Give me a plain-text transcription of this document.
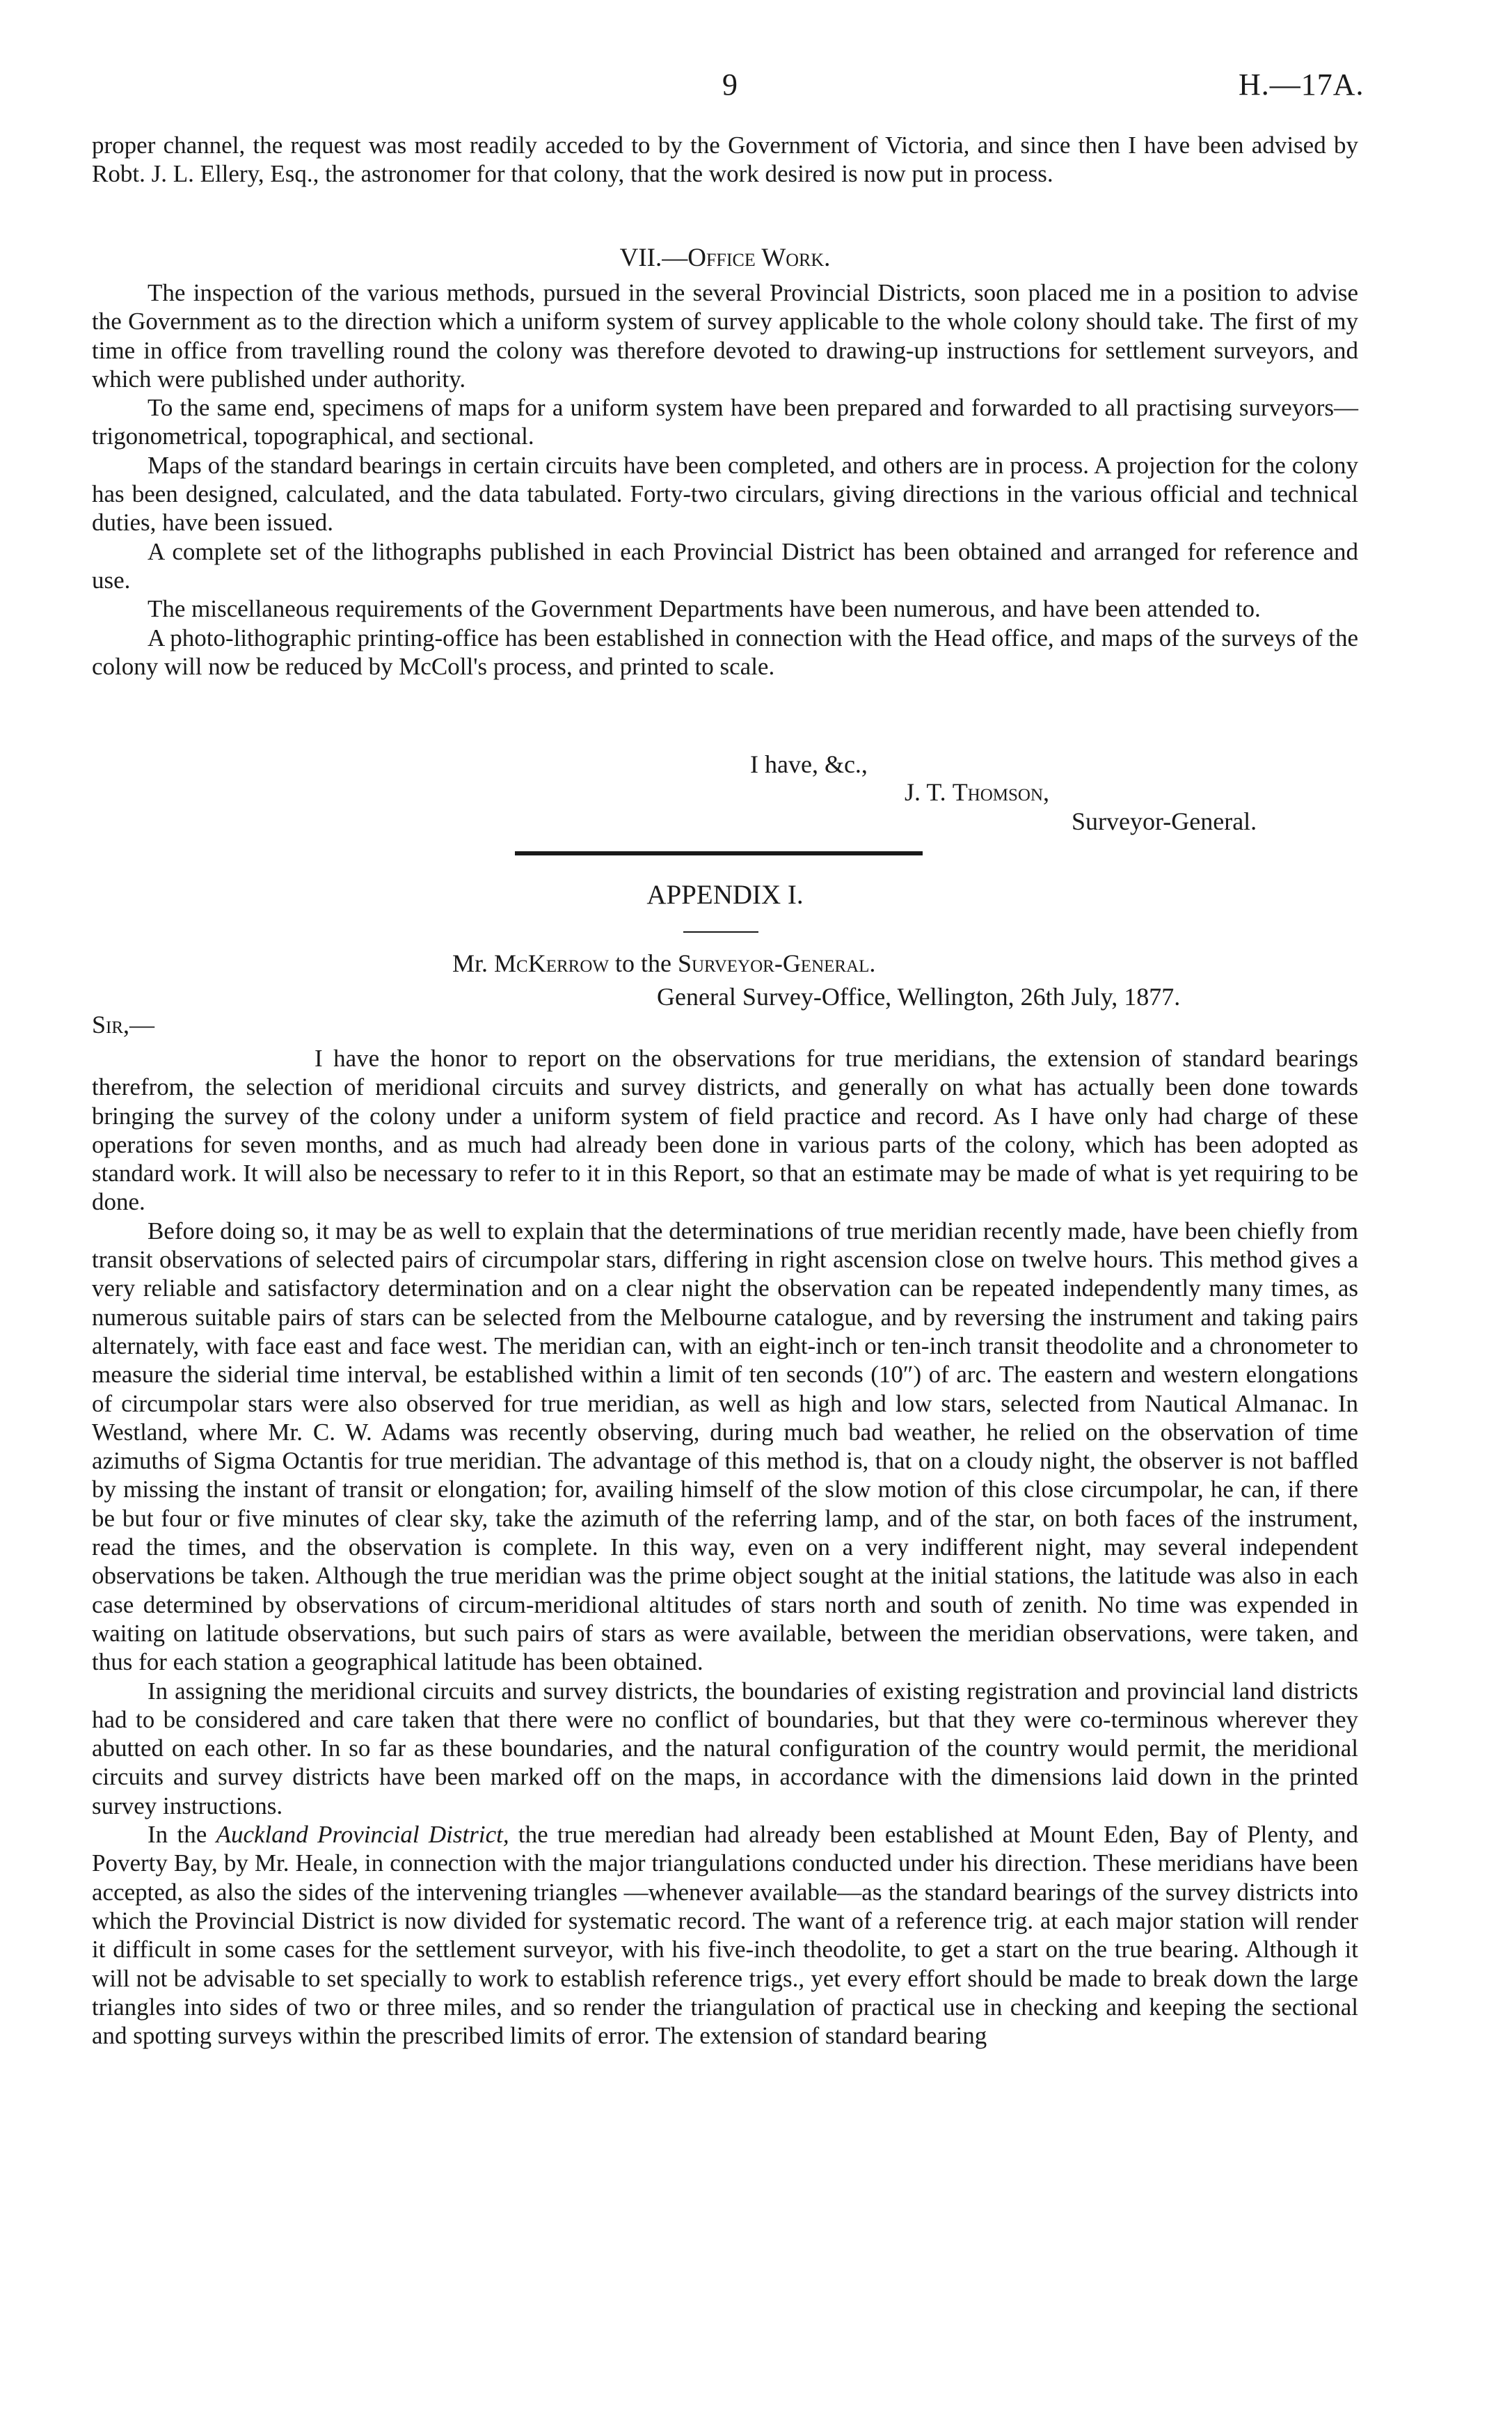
9	H.—17A.

proper channel, the request was most readily acceded to by the Government of Victoria, and since then I have been advised by Robt. J. L. Ellery, Esq., the astronomer for that colony, that the work desired is now put in process.

VII.—Office Work.

The inspection of the various methods, pursued in the several Provincial Districts, soon placed me in a position to advise the Government as to the direction which a uniform system of survey applicable to the whole colony should take. The first of my time in office from travelling round the colony was therefore devoted to drawing-up instructions for settlement surveyors, and which were published under authority.

To the same end, specimens of maps for a uniform system have been prepared and forwarded to all practising surveyors—trigonometrical, topographical, and sectional.

Maps of the standard bearings in certain circuits have been completed, and others are in process. A projection for the colony has been designed, calculated, and the data tabulated. Forty-two circulars, giving directions in the various official and technical duties, have been issued.

A complete set of the lithographs published in each Provincial District has been obtained and arranged for reference and use.

The miscellaneous requirements of the Government Departments have been numerous, and have been attended to.

A photo-lithographic printing-office has been established in connection with the Head office, and maps of the surveys of the colony will now be reduced by McColl's process, and printed to scale.

I have, &c.,
J. T. Thomson,
Surveyor-General.

APPENDIX I.

Mr. McKerrow to the Surveyor-General.
General Survey-Office, Wellington, 26th July, 1877.
Sir,—

I have the honor to report on the observations for true meridians, the extension of standard bearings therefrom, the selection of meridional circuits and survey districts, and generally on what has actually been done towards bringing the survey of the colony under a uniform system of field practice and record. As I have only had charge of these operations for seven months, and as much had already been done in various parts of the colony, which has been adopted as standard work. It will also be necessary to refer to it in this Report, so that an estimate may be made of what is yet requiring to be done.

Before doing so, it may be as well to explain that the determinations of true meridian recently made, have been chiefly from transit observations of selected pairs of circumpolar stars, differing in right ascension close on twelve hours. This method gives a very reliable and satisfactory determination and on a clear night the observation can be repeated independently many times, as numerous suitable pairs of stars can be selected from the Melbourne catalogue, and by reversing the instrument and taking pairs alternately, with face east and face west. The meridian can, with an eight-inch or ten-inch transit theodolite and a chronometer to measure the siderial time interval, be established within a limit of ten seconds (10″) of arc. The eastern and western elongations of circumpolar stars were also observed for true meridian, as well as high and low stars, selected from Nautical Almanac. In Westland, where Mr. C. W. Adams was recently observing, during much bad weather, he relied on the observation of time azimuths of Sigma Octantis for true meridian. The advantage of this method is, that on a cloudy night, the observer is not baffled by missing the instant of transit or elongation; for, availing himself of the slow motion of this close circumpolar, he can, if there be but four or five minutes of clear sky, take the azimuth of the referring lamp, and of the star, on both faces of the instrument, read the times, and the observation is complete. In this way, even on a very indifferent night, may several independent observations be taken. Although the true meridian was the prime object sought at the initial stations, the latitude was also in each case determined by observations of circum-meridional altitudes of stars north and south of zenith. No time was expended in waiting on latitude observations, but such pairs of stars as were available, between the meridian observations, were taken, and thus for each station a geographical latitude has been obtained.

In assigning the meridional circuits and survey districts, the boundaries of existing registration and provincial land districts had to be considered and care taken that there were no conflict of boundaries, but that they were co-terminous wherever they abutted on each other. In so far as these boundaries, and the natural configuration of the country would permit, the meridional circuits and survey districts have been marked off on the maps, in accordance with the dimensions laid down in the printed survey instructions.

In the Auckland Provincial District, the true meredian had already been established at Mount Eden, Bay of Plenty, and Poverty Bay, by Mr. Heale, in connection with the major triangulations conducted under his direction. These meridians have been accepted, as also the sides of the intervening triangles —whenever available—as the standard bearings of the survey districts into which the Provincial District is now divided for systematic record. The want of a reference trig. at each major station will render it difficult in some cases for the settlement surveyor, with his five-inch theodolite, to get a start on the true bearing. Although it will not be advisable to set specially to work to establish reference trigs., yet every effort should be made to break down the large triangles into sides of two or three miles, and so render the triangulation of practical use in checking and keeping the sectional and spotting surveys within the prescribed limits of error. The extension of standard bearing
